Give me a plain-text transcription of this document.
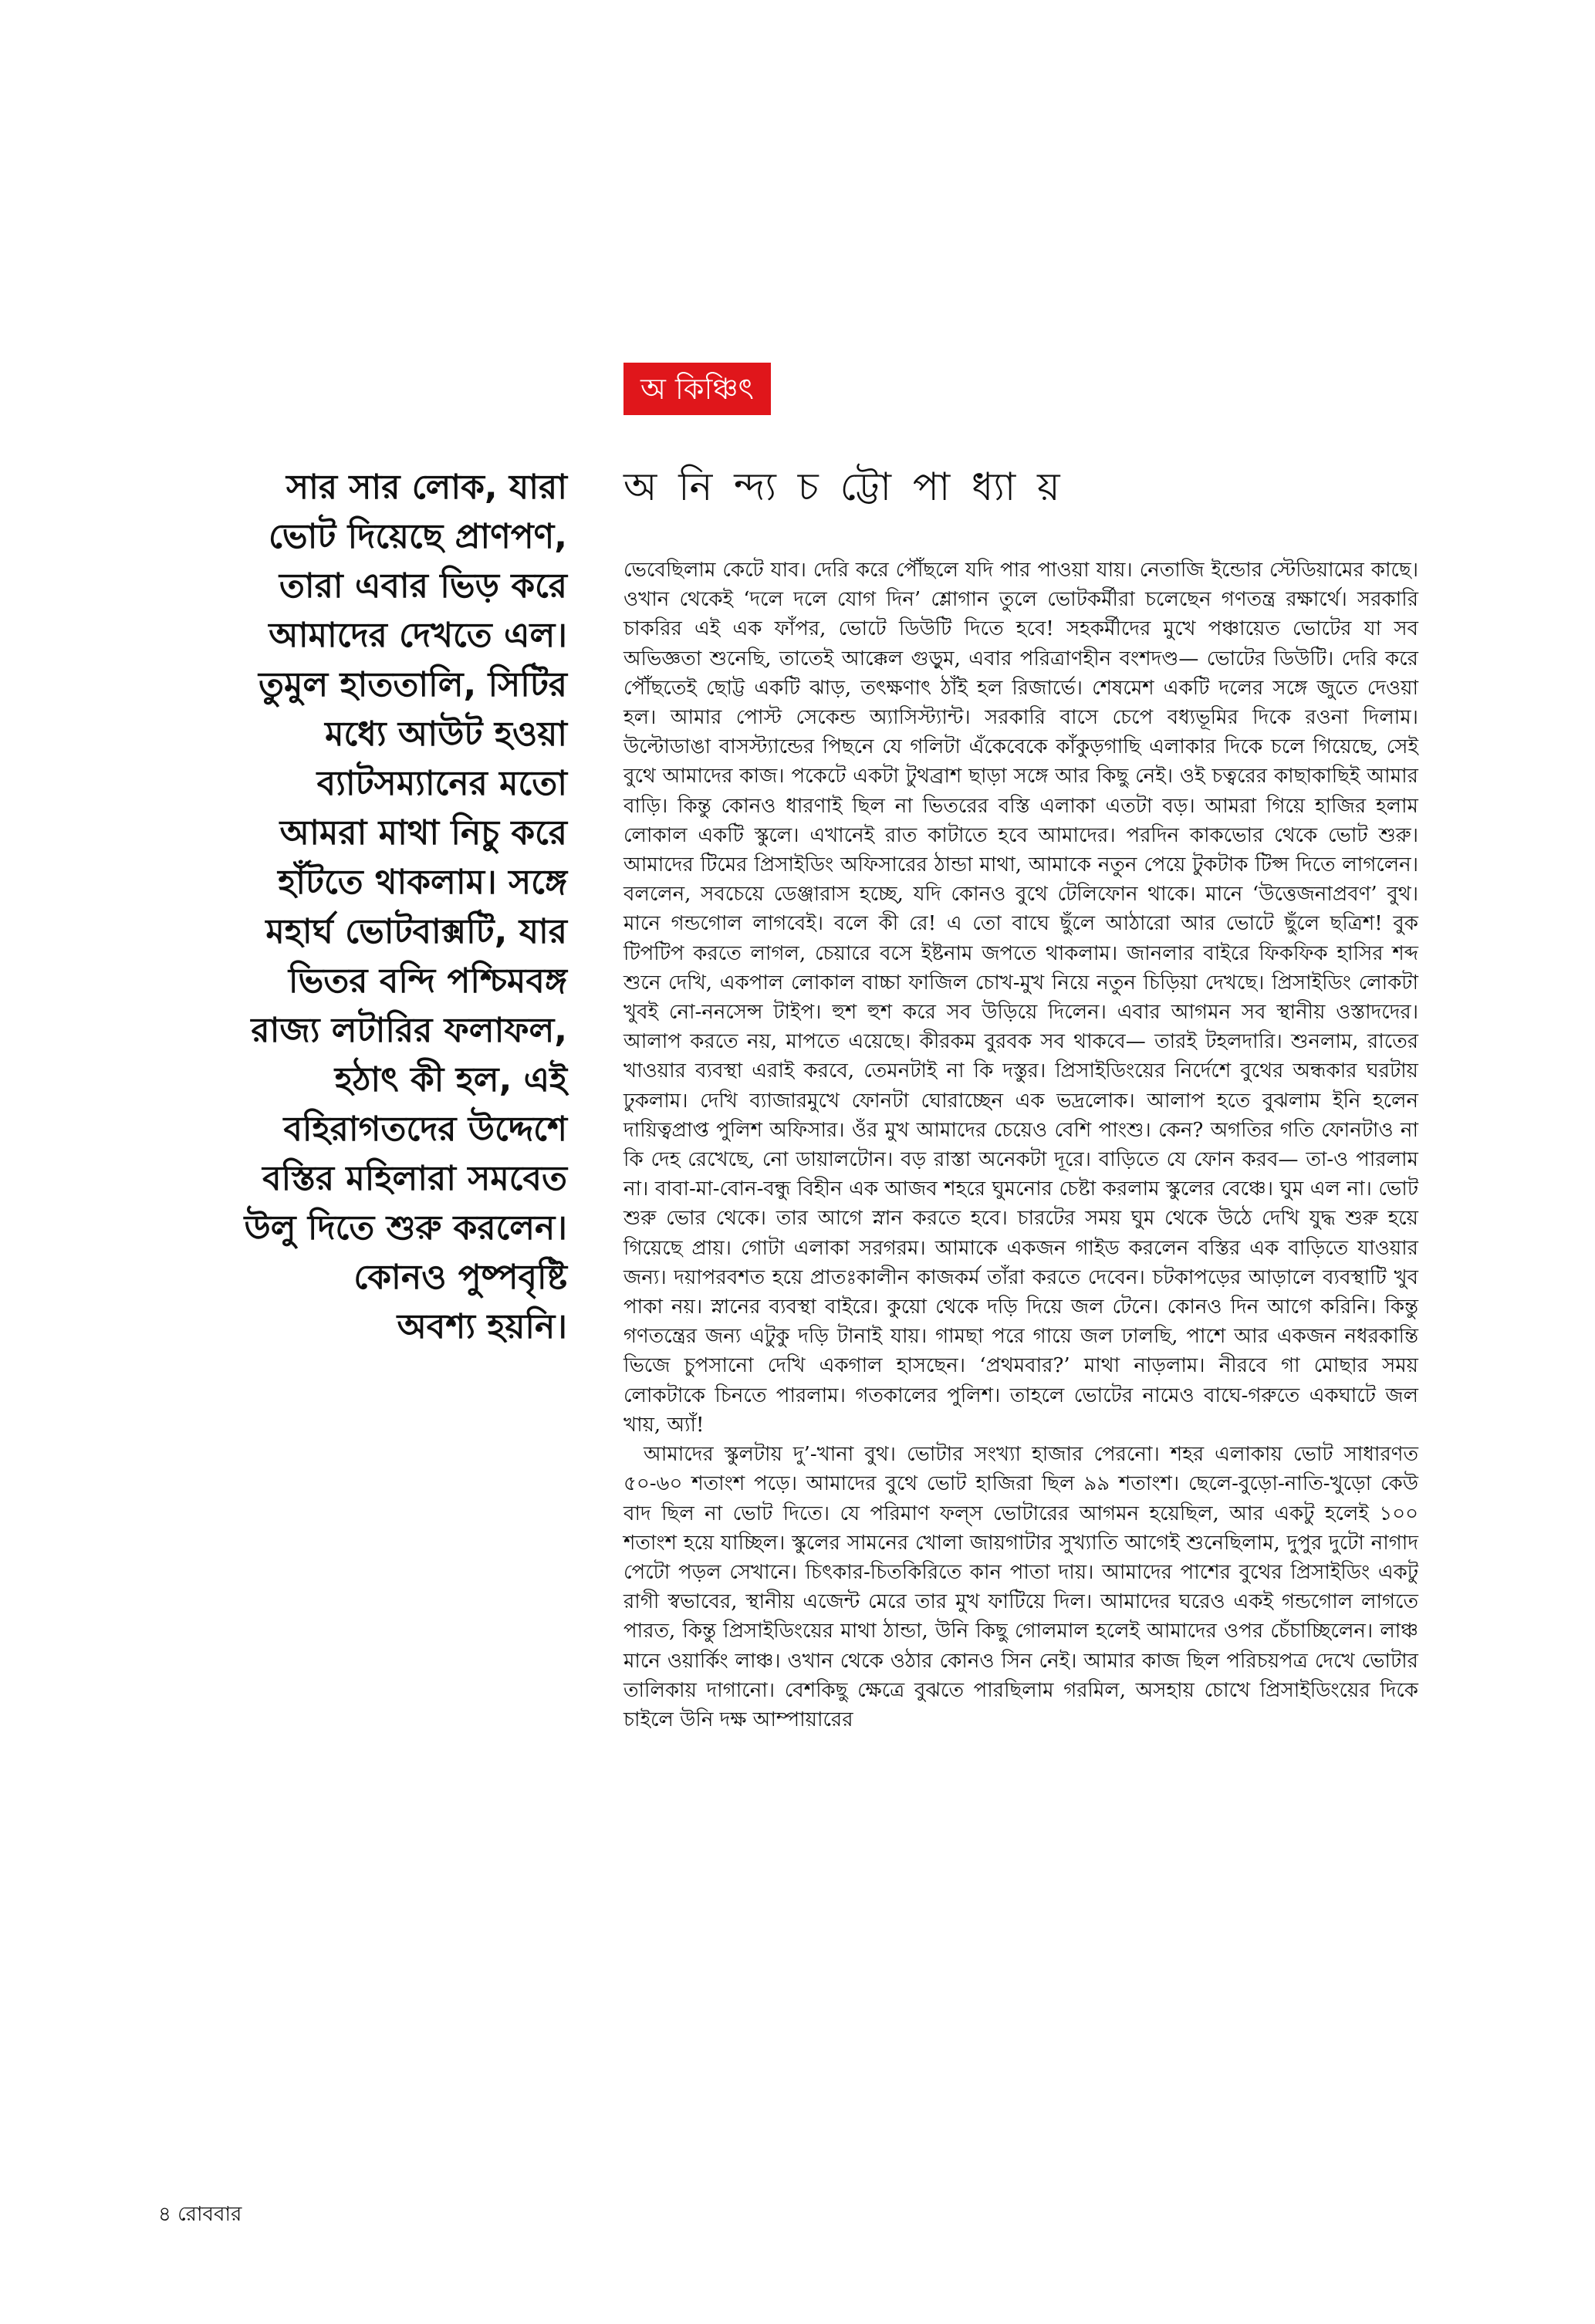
অ কিঞ্চিৎ
অ নি ন্দ্য চ ট্টো পা ধ্যা য়
সার সার লোক, যারা
ভোট দিয়েছে প্রাণপণ,
তারা এবার ভিড় করে
আমাদের দেখতে এল।
তুমুল হাততালি, সিটির
মধ্যে আউট হওয়া
ব্যাটসম্যানের মতো
আমরা মাথা নিচু করে
হাঁটতে থাকলাম। সঙ্গে
মহার্ঘ ভোটবাক্সটি, যার
ভিতর বন্দি পশ্চিমবঙ্গ
রাজ্য লটারির ফলাফল,
হঠাৎ কী হল, এই
বহিরাগতদের উদ্দেশে
বস্তির মহিলারা সমবেত
উলু দিতে শুরু করলেন।
কোনও পুষ্পবৃষ্টি
অবশ্য হয়নি।

ভেবেছিলাম কেটে যাব। দেরি করে পৌঁছলে যদি পার পাওয়া যায়। নেতাজি ইন্ডোর স্টেডিয়ামের কাছে। ওখান থেকেই ‘দলে দলে যোগ দিন’ শ্লোগান তুলে ভোটকর্মীরা চলেছেন গণতন্ত্র রক্ষার্থে। সরকারি চাকরির এই এক ফাঁপর, ভোটে ডিউটি দিতে হবে! সহকর্মীদের মুখে পঞ্চায়েত ভোটের যা সব অভিজ্ঞতা শুনেছি, তাতেই আক্কেল গুড়ুম, এবার পরিত্রাণহীন বংশদণ্ড— ভোটের ডিউটি। দেরি করে পৌঁছতেই ছোট্ট একটি ঝাড়, তৎক্ষণাৎ ঠাঁই হল রিজার্ভে। শেষমেশ একটি দলের সঙ্গে জুতে দেওয়া হল। আমার পোস্ট সেকেন্ড অ্যাসিস্ট্যান্ট। সরকারি বাসে চেপে বধ্যভূমির দিকে রওনা দিলাম। উল্টোডাঙা বাসস্ট্যান্ডের পিছনে যে গলিটা এঁকেবেকে কাঁকুড়গাছি এলাকার দিকে চলে গিয়েছে, সেই বুথে আমাদের কাজ। পকেটে একটা টুথব্রাশ ছাড়া সঙ্গে আর কিছু নেই। ওই চত্বরের কাছাকাছিই আমার বাড়ি। কিন্তু কোনও ধারণাই ছিল না ভিতরের বস্তি এলাকা এতটা বড়। আমরা গিয়ে হাজির হলাম লোকাল একটি স্কুলে। এখানেই রাত কাটাতে হবে আমাদের। পরদিন কাকভোর থেকে ভোট শুরু। আমাদের টিমের প্রিসাইডিং অফিসারের ঠান্ডা মাথা, আমাকে নতুন পেয়ে টুকটাক টিপ্স দিতে লাগলেন। বললেন, সবচেয়ে ডেঞ্জারাস হচ্ছে, যদি কোনও বুথে টেলিফোন থাকে। মানে ‘উত্তেজনাপ্রবণ’ বুথ। মানে গন্ডগোল লাগবেই। বলে কী রে! এ তো বাঘে ছুঁলে আঠারো আর ভোটে ছুঁলে ছত্রিশ! বুক টিপটিপ করতে লাগল, চেয়ারে বসে ইষ্টনাম জপতে থাকলাম। জানলার বাইরে ফিকফিক হাসির শব্দ শুনে দেখি, একপাল লোকাল বাচ্চা ফাজিল চোখ-মুখ নিয়ে নতুন চিড়িয়া দেখছে। প্রিসাইডিং লোকটা খুবই নো-ননসেন্স টাইপ। হুশ হুশ করে সব উড়িয়ে দিলেন। এবার আগমন সব স্থানীয় ওস্তাদদের। আলাপ করতে নয়, মাপতে এয়েছে। কীরকম বুরবক সব থাকবে— তারই টহলদারি। শুনলাম, রাতের খাওয়ার ব্যবস্থা এরাই করবে, তেমনটাই না কি দস্তুর। প্রিসাইডিংয়ের নির্দেশে বুথের অন্ধকার ঘরটায় ঢুকলাম। দেখি ব্যাজারমুখে ফোনটা ঘোরাচ্ছেন এক ভদ্রলোক। আলাপ হতে বুঝলাম ইনি হলেন দায়িত্বপ্রাপ্ত পুলিশ অফিসার। ওঁর মুখ আমাদের চেয়েও বেশি পাংশু। কেন? অগতির গতি ফোনটাও না কি দেহ রেখেছে, নো ডায়ালটোন। বড় রাস্তা অনেকটা দূরে। বাড়িতে যে ফোন করব— তা-ও পারলাম না। বাবা-মা-বোন-বন্ধু বিহীন এক আজব শহরে ঘুমনোর চেষ্টা করলাম স্কুলের বেঞ্চে। ঘুম এল না। ভোট শুরু ভোর থেকে। তার আগে স্নান করতে হবে। চারটের সময় ঘুম থেকে উঠে দেখি যুদ্ধ শুরু হয়ে গিয়েছে প্রায়। গোটা এলাকা সরগরম। আমাকে একজন গাইড করলেন বস্তির এক বাড়িতে যাওয়ার জন্য। দয়াপরবশত হয়ে প্রাতঃকালীন কাজকর্ম তাঁরা করতে দেবেন। চটকাপড়ের আড়ালে ব্যবস্থাটি খুব পাকা নয়। স্নানের ব্যবস্থা বাইরে। কুয়ো থেকে দড়ি দিয়ে জল টেনে। কোনও দিন আগে করিনি। কিন্তু গণতন্ত্রের জন্য এটুকু দড়ি টানাই যায়। গামছা পরে গায়ে জল ঢালছি, পাশে আর একজন নধরকান্তি ভিজে চুপসানো দেখি একগাল হাসছেন। ‘প্রথমবার?’ মাথা নাড়লাম। নীরবে গা মোছার সময় লোকটাকে চিনতে পারলাম। গতকালের পুলিশ। তাহলে ভোটের নামেও বাঘে-গরুতে একঘাটে জল খায়, অ্যাঁ!

আমাদের স্কুলটায় দু’-খানা বুথ। ভোটার সংখ্যা হাজার পেরনো। শহর এলাকায় ভোট সাধারণত ৫০-৬০ শতাংশ পড়ে। আমাদের বুথে ভোট হাজিরা ছিল ৯৯ শতাংশ। ছেলে-বুড়ো-নাতি-খুড়ো কেউ বাদ ছিল না ভোট দিতে। যে পরিমাণ ফল্স ভোটারের আগমন হয়েছিল, আর একটু হলেই ১০০ শতাংশ হয়ে যাচ্ছিল। স্কুলের সামনের খোলা জায়গাটার সুখ্যাতি আগেই শুনেছিলাম, দুপুর দুটো নাগাদ পেটো পড়ল সেখানে। চিৎকার-চিতকিরিতে কান পাতা দায়। আমাদের পাশের বুথের প্রিসাইডিং একটু রাগী স্বভাবের, স্থানীয় এজেন্ট মেরে তার মুখ ফাটিয়ে দিল। আমাদের ঘরেও একই গন্ডগোল লাগতে পারত, কিন্তু প্রিসাইডিংয়ের মাথা ঠান্ডা, উনি কিছু গোলমাল হলেই আমাদের ওপর চেঁচাচ্ছিলেন। লাঞ্চ মানে ওয়ার্কিং লাঞ্চ। ওখান থেকে ওঠার কোনও সিন নেই। আমার কাজ ছিল পরিচয়পত্র দেখে ভোটার তালিকায় দাগানো। বেশকিছু ক্ষেত্রে বুঝতে পারছিলাম গরমিল, অসহায় চোখে প্রিসাইডিংয়ের দিকে চাইলে উনি দক্ষ আম্পায়ারের

৪ রোববার
